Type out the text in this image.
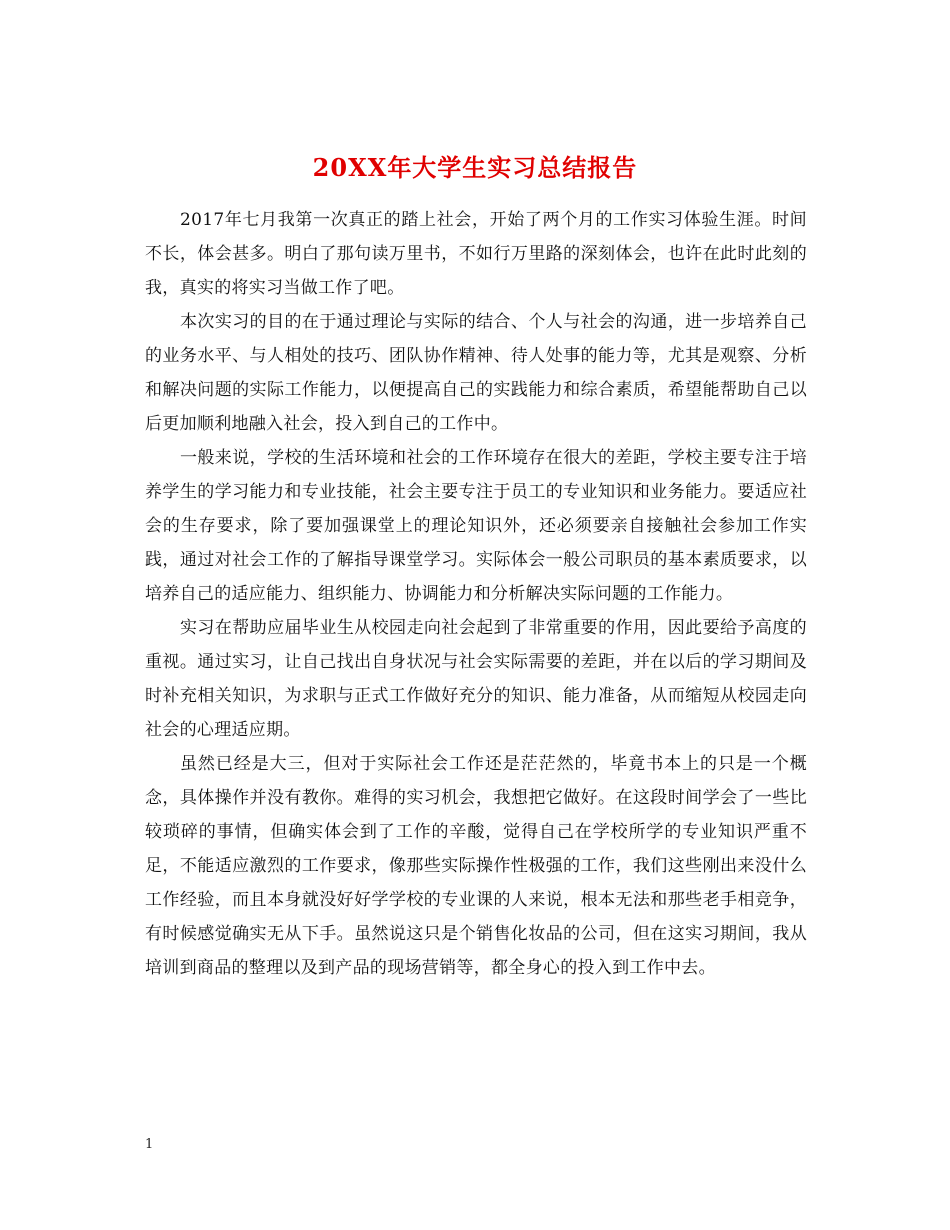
20XX年大学生实习总结报告

2017年七月我第一次真正的踏上社会，开始了两个月的工作实习体验生涯。时间不长，体会甚多。明白了那句读万里书，不如行万里路的深刻体会，也许在此时此刻的我，真实的将实习当做工作了吧。

本次实习的目的在于通过理论与实际的结合、个人与社会的沟通，进一步培养自己的业务水平、与人相处的技巧、团队协作精神、待人处事的能力等，尤其是观察、分析和解决问题的实际工作能力，以便提高自己的实践能力和综合素质，希望能帮助自己以后更加顺利地融入社会，投入到自己的工作中。

一般来说，学校的生活环境和社会的工作环境存在很大的差距，学校主要专注于培养学生的学习能力和专业技能，社会主要专注于员工的专业知识和业务能力。要适应社会的生存要求，除了要加强课堂上的理论知识外，还必须要亲自接触社会参加工作实践，通过对社会工作的了解指导课堂学习。实际体会一般公司职员的基本素质要求，以培养自己的适应能力、组织能力、协调能力和分析解决实际问题的工作能力。

实习在帮助应届毕业生从校园走向社会起到了非常重要的作用，因此要给予高度的重视。通过实习，让自己找出自身状况与社会实际需要的差距，并在以后的学习期间及时补充相关知识，为求职与正式工作做好充分的知识、能力准备，从而缩短从校园走向社会的心理适应期。

虽然已经是大三，但对于实际社会工作还是茫茫然的，毕竟书本上的只是一个概念，具体操作并没有教你。难得的实习机会，我想把它做好。在这段时间学会了一些比较琐碎的事情，但确实体会到了工作的辛酸，觉得自己在学校所学的专业知识严重不足，不能适应激烈的工作要求，像那些实际操作性极强的工作，我们这些刚出来没什么工作经验，而且本身就没好好学学校的专业课的人来说，根本无法和那些老手相竞争，有时候感觉确实无从下手。虽然说这只是个销售化妆品的公司，但在这实习期间，我从培训到商品的整理以及到产品的现场营销等，都全身心的投入到工作中去。

1
